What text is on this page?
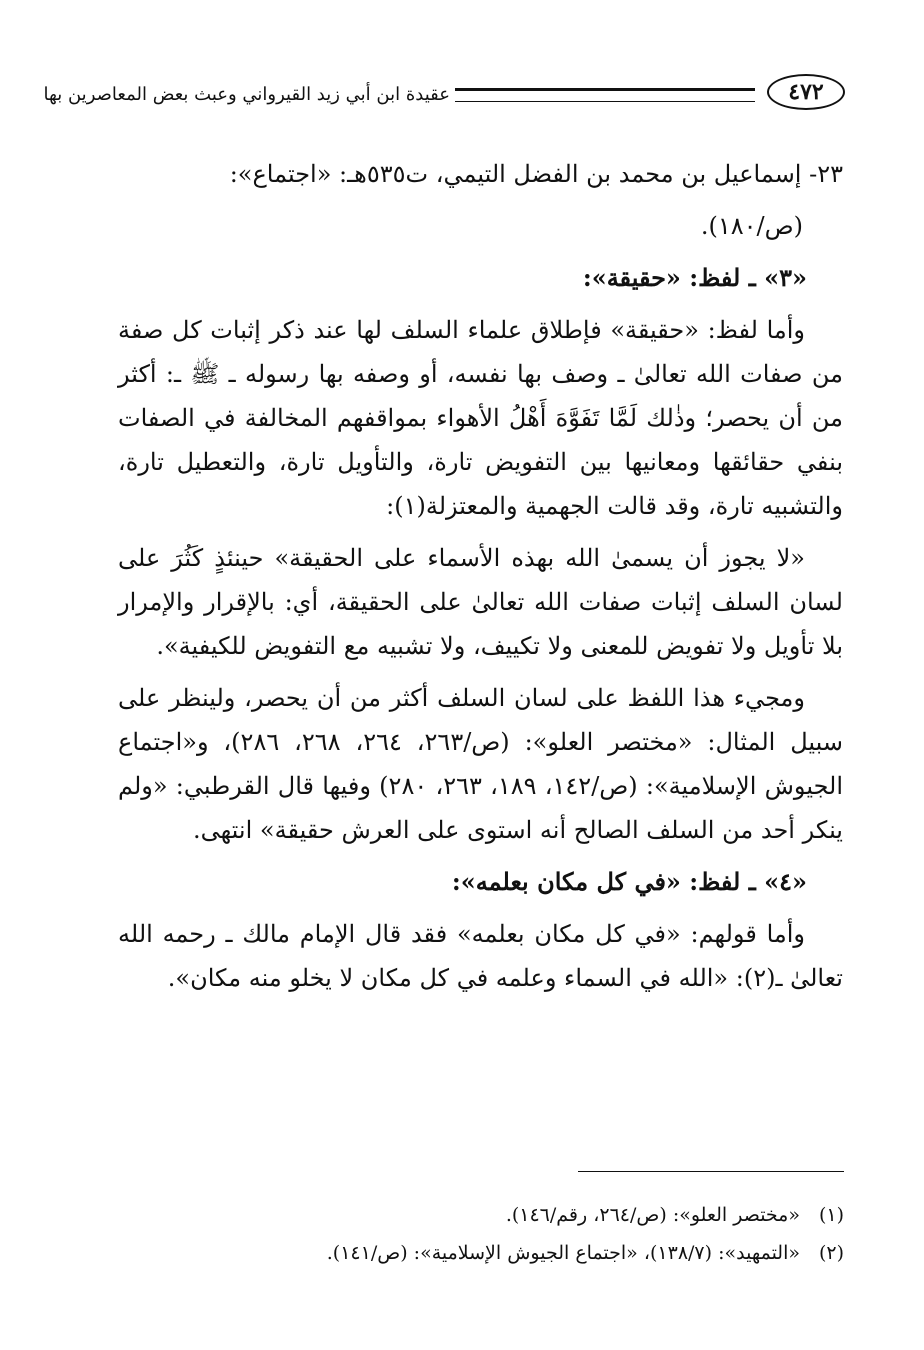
٤٧٢
عقيدة ابن أبي زيد القيرواني وعبث بعض المعاصرين بها

٢٣- إسماعيل بن محمد بن الفضل التيمي، ت٥٣٥هـ: «اجتماع»:

(ص/١٨٠).

«٣» ـ لفظ: «حقيقة»:

وأما لفظ: «حقيقة» فإطلاق علماء السلف لها عند ذكر إثبات كل صفة من صفات الله تعالىٰ ـ وصف بها نفسه، أو وصفه بها رسوله ـ ﷺ ـ: أكثر من أن يحصر؛ وذٰلك لَمَّا تَفَوَّهَ أَهْلُ الأهواء بمواقفهم المخالفة في الصفات بنفي حقائقها ومعانيها بين التفويض تارة، والتأويل تارة، والتعطيل تارة، والتشبيه تارة، وقد قالت الجهمية والمعتزلة(١):

«لا يجوز أن يسمىٰ الله بهذه الأسماء على الحقيقة» حينئذٍ كَثُرَ على لسان السلف إثبات صفات الله تعالىٰ على الحقيقة، أي: بالإقرار والإمرار بلا تأويل ولا تفويض للمعنى ولا تكييف، ولا تشبيه مع التفويض للكيفية».

ومجيء هذا اللفظ على لسان السلف أكثر من أن يحصر، ولينظر على سبيل المثال: «مختصر العلو»: (ص/٢٦٣، ٢٦٤، ٢٦٨، ٢٨٦)، و«اجتماع الجيوش الإسلامية»: (ص/١٤٢، ١٨٩، ٢٦٣، ٢٨٠) وفيها قال القرطبي: «ولم ينكر أحد من السلف الصالح أنه استوى على العرش حقيقة» انتهى.

«٤» ـ لفظ: «في كل مكان بعلمه»:

وأما قولهم: «في كل مكان بعلمه» فقد قال الإمام مالك ـ رحمه الله تعالىٰ ـ(٢): «الله في السماء وعلمه في كل مكان لا يخلو منه مكان».

(١)«مختصر العلو»: (ص/٢٦٤، رقم/١٤٦).
(٢)«التمهيد»: (١٣٨/٧)، «اجتماع الجيوش الإسلامية»: (ص/١٤١).
